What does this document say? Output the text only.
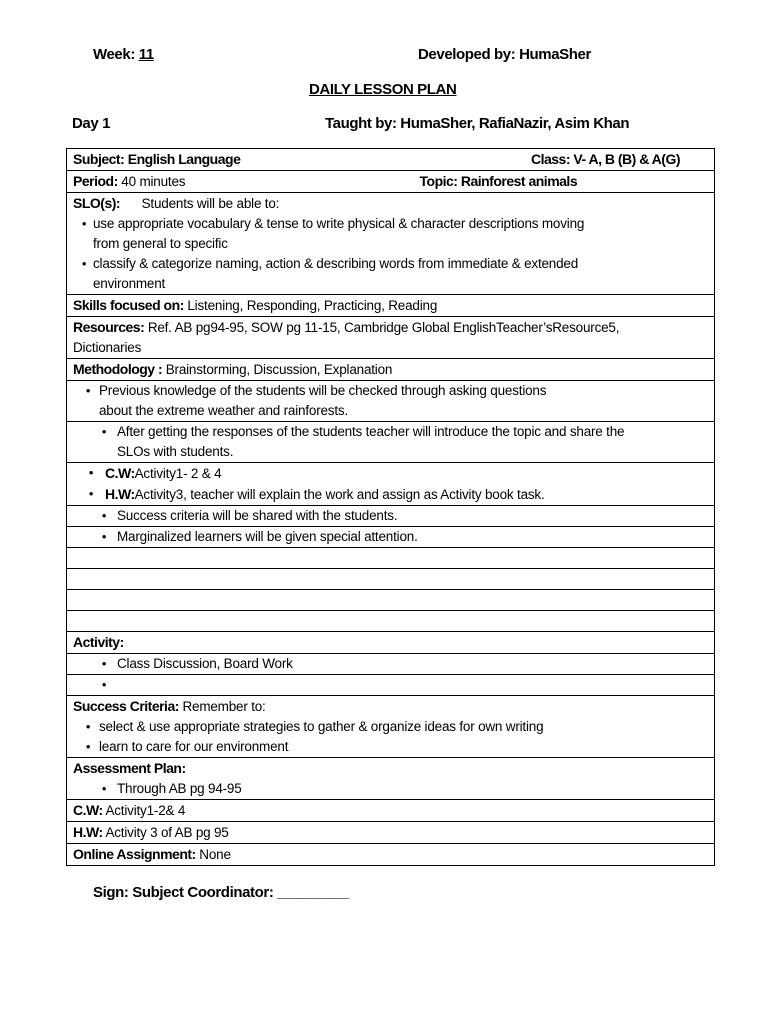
Week: 11	Developed by: HumaSher
DAILY LESSON PLAN
Day 1	Taught by: HumaSher, RafiaNazir, Asim Khan
Subject: English Language	Class: V- A, B (B) & A(G)

Period: 40 minutes	Topic: Rainforest animals

SLO(s): Students will be able to:
• use appropriate vocabulary & tense to write physical & character descriptions moving
from general to specific
• classify & categorize naming, action & describing words from immediate & extended
environment

Skills focused on: Listening, Responding, Practicing, Reading
Resources: Ref. AB pg94-95, SOW pg 11-15, Cambridge Global EnglishTeacher’sResource5,
Dictionaries
Methodology : Brainstorming, Discussion, Explanation

• Previous knowledge of the students will be checked through asking questions
about the extreme weather and rainforests.

• After getting the responses of the students teacher will introduce the topic and share the
SLOs with students.

• C.W:Activity1- 2 & 4
• H.W:Activity3, teacher will explain the work and assign as Activity book task.

• Success criteria will be shared with the students.

• Marginalized learners will be given special attention.

Activity:

• Class Discussion, Board Work

•

Success Criteria: Remember to:
• select & use appropriate strategies to gather & organize ideas for own writing
• learn to care for our environment

Assessment Plan:
• Through AB pg 94-95

C.W: Activity1-2& 4
H.W: Activity 3 of AB pg 95
Online Assignment: None
Sign: Subject Coordinator: _________
